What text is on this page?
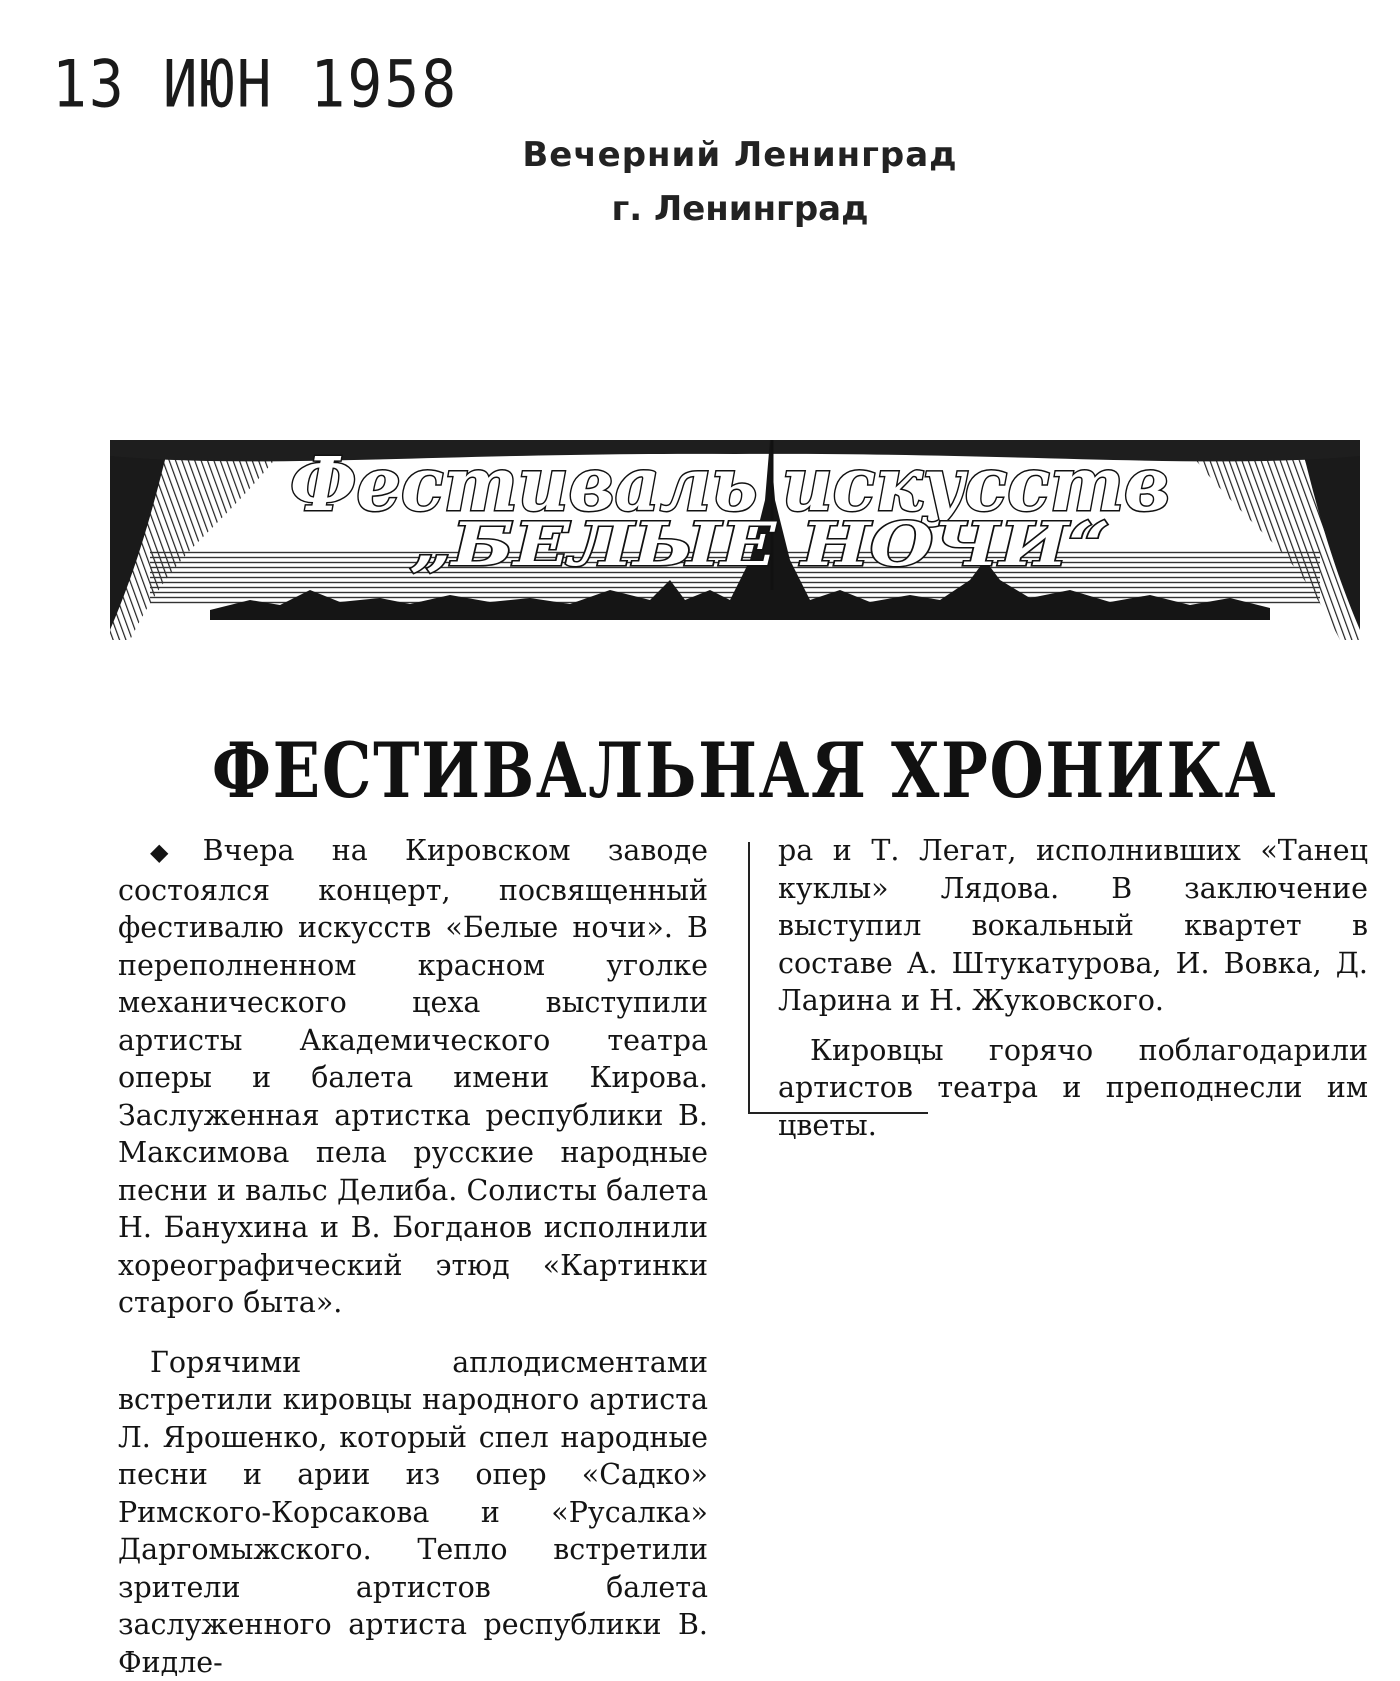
13 ИЮН 1958
Вечерний Ленинград
г. Ленинград
Фестиваль искусств
„БЕЛЫЕ НОЧИ“
ФЕСТИВАЛЬНАЯ ХРОНИКА

◆ Вчера на Кировском заводе состоялся концерт, посвященный фестивалю искусств «Белые ночи». В переполненном красном уголке механического цеха выступили артисты Академического театра оперы и балета имени Кирова. Заслуженная артистка республики В. Максимова пела русские народные песни и вальс Делиба. Солисты балета Н. Банухина и В. Богданов исполнили хореографический этюд «Картинки старого быта».

Горячими аплодисментами встретили кировцы народного артиста Л. Ярошенко, который спел народные песни и арии из опер «Садко» Римского-Корсакова и «Русалка» Даргомыжского. Тепло встретили зрители артистов балета заслуженного артиста республики В. Фидле-

ра и Т. Легат, исполнивших «Танец куклы» Лядова. В заключение выступил вокальный квартет в составе А. Штукатурова, И. Вовка, Д. Ларина и Н. Жуковского.

Кировцы горячо поблагодарили артистов театра и преподнесли им цветы.
